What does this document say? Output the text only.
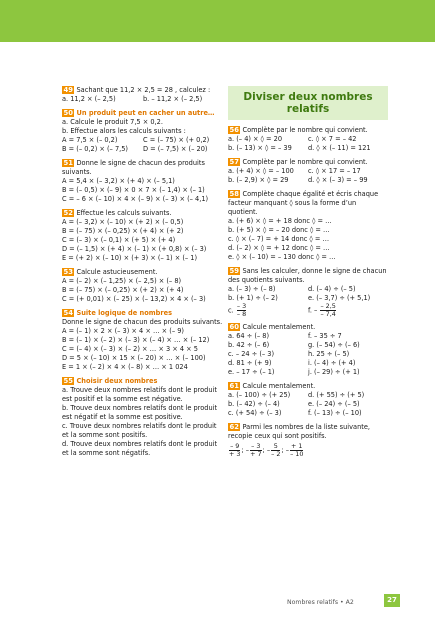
49 Sachant que 11,2 × 2,5 = 28 , calculez :

a. 11,2 × (– 2,5)	b. – 11,2 × (– 2,5)

50 Un produit peut en cacher un autre…

a. Calcule le produit 7,5 × 0,2.

b. Effectue alors les calculs suivants :

A = 7,5 × (– 0,2)	C = (– 75) × (+ 0,2)
B = (– 0,2) × (– 7,5)	D = (– 7,5) × (– 20)

51 Donne le signe de chacun des produits suivants.

A = 5,4 × (– 3,2) × (+ 4) × (– 5,1)

B = (– 0,5) × (– 9) × 0 × 7 × (– 1,4) × (– 1)

C = – 6 × (– 10) × 4 × (– 9) × (– 3) × (– 4,1)

52 Effectue les calculs suivants.

A = (– 3,2) × (– 10) × (+ 2) × (– 0,5)

B = (– 75) × (– 0,25) × (+ 4) × (+ 2)

C = (– 3) × (– 0,1) × (+ 5) × (+ 4)

D = (– 1,5) × (+ 4) × (– 1) × (+ 0,8) × (– 3)

E = (+ 2) × (– 10) × (+ 3) × (– 1) × (– 1)

53 Calcule astucieusement.

A = (– 2) × (– 1,25) × (– 2,5) × (– 8)

B = (– 75) × (– 0,25) × (+ 2) × (+ 4)

C = (+ 0,01) × (– 25) × (– 13,2) × 4 × (– 3)

54 Suite logique de nombres

Donne le signe de chacun des produits suivants.

A = (– 1) × 2 × (– 3) × 4 × … × (– 9)

B = (– 1) × (– 2) × (– 3) × (– 4) × … × (– 12)

C = (– 4) × (– 3) × (– 2) × … × 3 × 4 × 5

D = 5 × (– 10) × 15 × (– 20) × … × (– 100)

E = 1 × (– 2) × 4 × (– 8) × … × 1 024

55 Choisir deux nombres

a. Trouve deux nombres relatifs dont le produit est positif et la somme est négative.

b. Trouve deux nombres relatifs dont le produit est négatif et la somme est positive.

c. Trouve deux nombres relatifs dont le produit et la somme sont positifs.

d. Trouve deux nombres relatifs dont le produit et la somme sont négatifs.

Diviser deux nombres relatifs

56 Complète par le nombre qui convient.

a. (– 4) × ◊ = 20	c. ◊ × 7 = – 42
b. (– 13) × ◊ = – 39	d. ◊ × (– 11) = 121

57 Complète par le nombre qui convient.

a. (+ 4) × ◊ = – 100	c. ◊ × 17 = – 17
b. (– 2,9) × ◊ = 29	d. ◊ × (– 3) = – 99

58 Complète chaque égalité et écris chaque facteur manquant ◊ sous la forme d’un quotient.

a. (+ 6) × ◊ = + 18 donc ◊ = …

b. (+ 5) × ◊ = – 20 donc ◊ = …

c. ◊ × (– 7) = + 14 donc ◊ = …

d. (– 2) × ◊ = + 12 donc ◊ = …

e. ◊ × (– 10) = – 130 donc ◊ = …

59 Sans les calculer, donne le signe de chacun des quotients suivants.

a. (– 3) ÷ (– 8)	d. (– 4) ÷ (– 5)
b. (+ 1) ÷ (– 2)	e. (– 3,7) ÷ (+ 5,1)
c. $\frac{- 3}{- 8}$	f. – $\frac{- 2,5}{- 7,4}$

60 Calcule mentalement.

a. 64 ÷ (– 8)	f. – 35 ÷ 7
b. 42 ÷ (– 6)	g. (– 54) ÷ (– 6)
c. – 24 ÷ (– 3)	h. 25 ÷ (– 5)
d. 81 ÷ (+ 9)	i. (– 4) ÷ (+ 4)
e. – 17 ÷ (– 1)	j. (– 29) ÷ (+ 1)

61 Calcule mentalement.

a. (– 100) ÷ (+ 25)	d. (+ 55) ÷ (+ 5)
b. (– 42) ÷ (– 4)	e. (– 24) ÷ (– 5)
c. (+ 54) ÷ (– 3)	f. (– 13) ÷ (– 10)

62 Parmi les nombres de la liste suivante, recopie ceux qui sont positifs.

$\frac{- 9}{+ 3}$ ; – $\frac{- 3}{+ 7}$ ; – $\frac{5}{- 2}$ ; – $\frac{+ 1}{- 10}$
Nombres relatifs • A2	27
